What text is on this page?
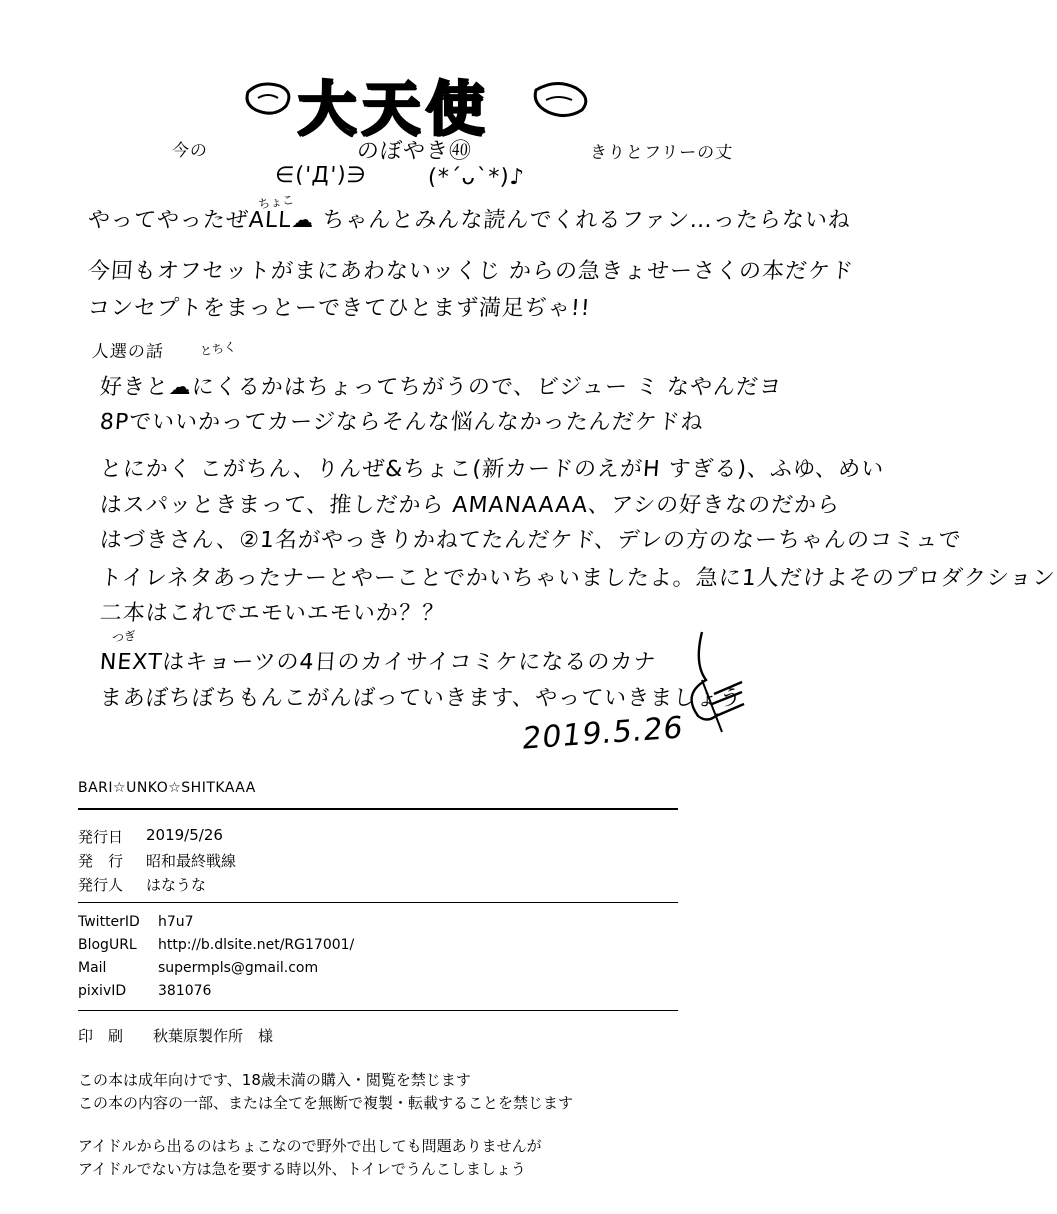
大天使
今の	のぼやき㊵	きりとフリーの丈
∈('Д')∋	(*´ᴗ`*)♪
ちょこ
やってやったぜALL☁ ちゃんとみんな読んでくれるファン…ったらないね
今回もオフセットがまにあわないッくじ からの急きょせーさくの本だケド
コンセプトをまっとーできてひとまず満足ぢゃ!!
人選の話	とちく
好きと☁にくるかはちょってちがうので、ビジュー ミ なやんだヨ
8Pでいいかってカージならそんな悩んなかったんだケドね
とにかく こがちん、りんぜ&ちょこ(新カードのえがH すぎる)、ふゆ、めい
はスパッときまって、推しだから AMANAAAA、アシの好きなのだから
はづきさん、②1名がやっきりかねてたんだケド、デレの方のなーちゃんのコミュで
トイレネタあったナーとやーことでかいちゃいましたよ。急に1人だけよそのプロダクション
二本はこれでエモいエモいか？？
つぎ
NEXTはキョーツの4日のカイサイコミケになるのカナ
まあぼちぼちもんこがんばっていきます、やっていきましょう
2019.5.26
BARI☆UNKO☆SHITKAAA
発行日 2019/5/26
発　行 昭和最終戦線
発行人 はなうな
TwitterID h7u7
BlogURL http://b.dlsite.net/RG17001/
Mail	supermpls@gmail.com
pixivID 381076
印　刷　　秋葉原製作所　様
この本は成年向けです、18歳未満の購入・閲覧を禁じます
この本の内容の一部、または全てを無断で複製・転載することを禁じます
アイドルから出るのはちょこなので野外で出しても問題ありませんが
アイドルでない方は急を要する時以外、トイレでうんこしましょう
